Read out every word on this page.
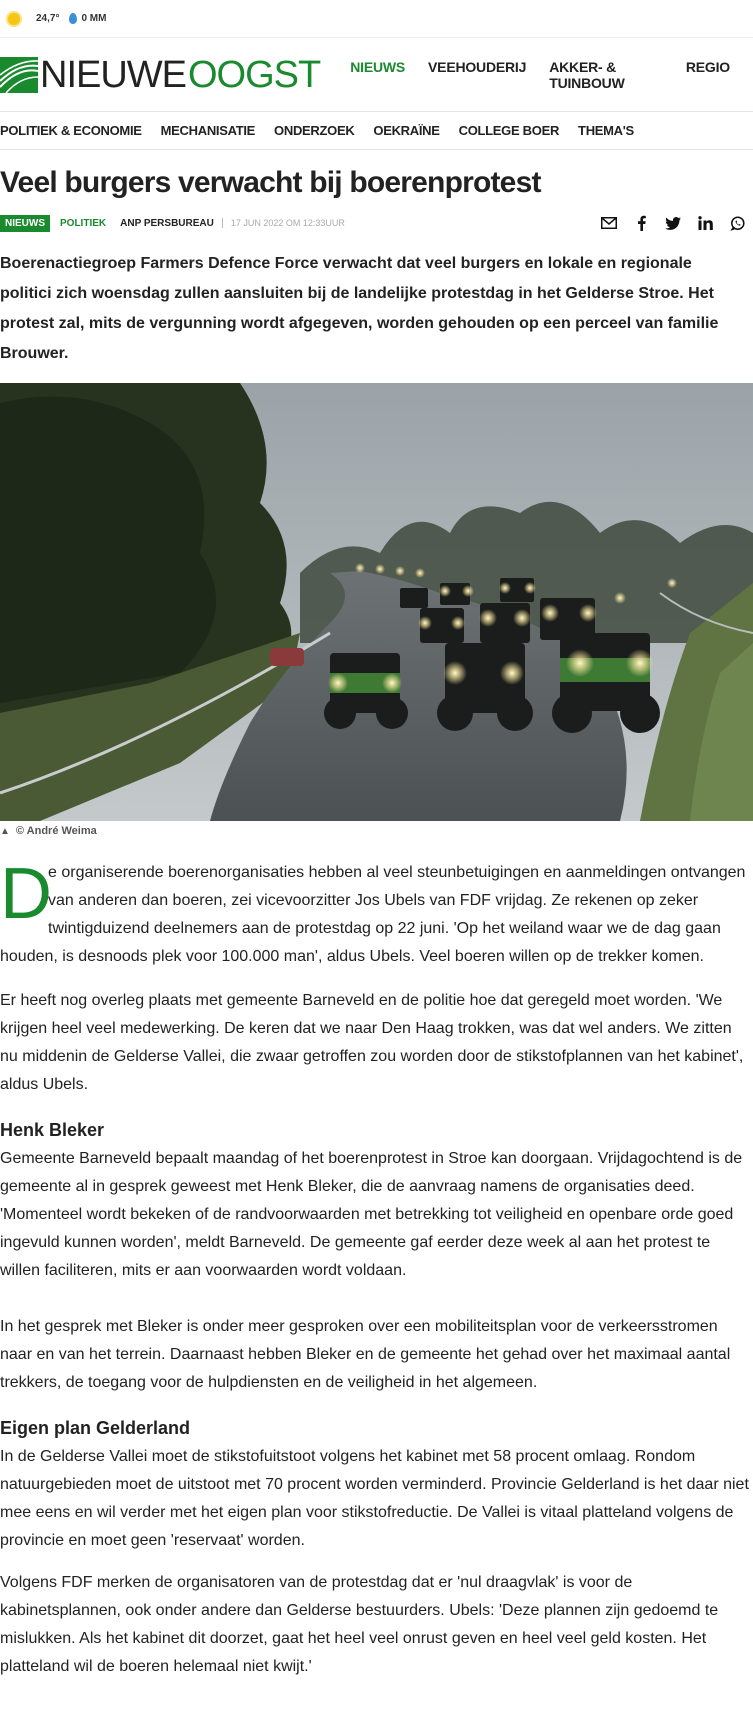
24,7° 0 MM
NIEUWEOOGST NIEUWS VEEHOUDERIJ AKKER- & TUINBOUW
REGIO
POLITIEK & ECONOMIE MECHANISATIE ONDERZOEK OEKRAÏNE COLLEGE BOER THEMA'S
Veel burgers verwacht bij boerenprotest
NIEUWS	POLITIEK ANP PERSBUREAU 17 JUN 2022 OM 12:33UUR

Boerenactiegroep Farmers Defence Force verwacht dat veel burgers en lokale en regionale politici zich woensdag zullen aansluiten bij de landelijke protestdag in het Gelderse Stroe. Het protest zal, mits de vergunning wordt afgegeven, worden gehouden op een perceel van familie Brouwer.

▲ © André Weima

D
e organiserende boerenorganisaties hebben al veel steunbetuigingen en aanmeldingen ontvangen van anderen dan boeren, zei vicevoorzitter Jos Ubels van FDF vrijdag. Ze rekenen op zeker twintigduizend deelnemers aan de protestdag op 22 juni. 'Op het weiland waar we de dag gaan houden, is desnoods plek voor 100.000 man', aldus Ubels. Veel boeren willen op de trekker komen.

Er heeft nog overleg plaats met gemeente Barneveld en de politie hoe dat geregeld moet worden. 'We krijgen heel veel medewerking. De keren dat we naar Den Haag trokken, was dat wel anders. We zitten nu middenin de Gelderse Vallei, die zwaar getroffen zou worden door de stikstofplannen van het kabinet', aldus Ubels.

Henk Bleker

Gemeente Barneveld bepaalt maandag of het boerenprotest in Stroe kan doorgaan. Vrijdagochtend is de gemeente al in gesprek geweest met Henk Bleker, die de aanvraag namens de organisaties deed. 'Momenteel wordt bekeken of de randvoorwaarden met betrekking tot veiligheid en openbare orde goed ingevuld kunnen worden', meldt Barneveld. De gemeente gaf eerder deze week al aan het protest te willen faciliteren, mits er aan voorwaarden wordt voldaan.

In het gesprek met Bleker is onder meer gesproken over een mobiliteitsplan voor de verkeersstromen naar en van het terrein. Daarnaast hebben Bleker en de gemeente het gehad over het maximaal aantal trekkers, de toegang voor de hulpdiensten en de veiligheid in het algemeen.

Eigen plan Gelderland

In de Gelderse Vallei moet de stikstofuitstoot volgens het kabinet met 58 procent omlaag. Rondom natuurgebieden moet de uitstoot met 70 procent worden verminderd. Provincie Gelderland is het daar niet mee eens en wil verder met het eigen plan voor stikstofreductie. De Vallei is vitaal platteland volgens de provincie en moet geen 'reservaat' worden.

Volgens FDF merken de organisatoren van de protestdag dat er 'nul draagvlak' is voor de kabinetsplannen, ook onder andere dan Gelderse bestuurders. Ubels: 'Deze plannen zijn gedoemd te mislukken. Als het kabinet dit doorzet, gaat het heel veel onrust geven en heel veel geld kosten. Het platteland wil de boeren helemaal niet kwijt.'
